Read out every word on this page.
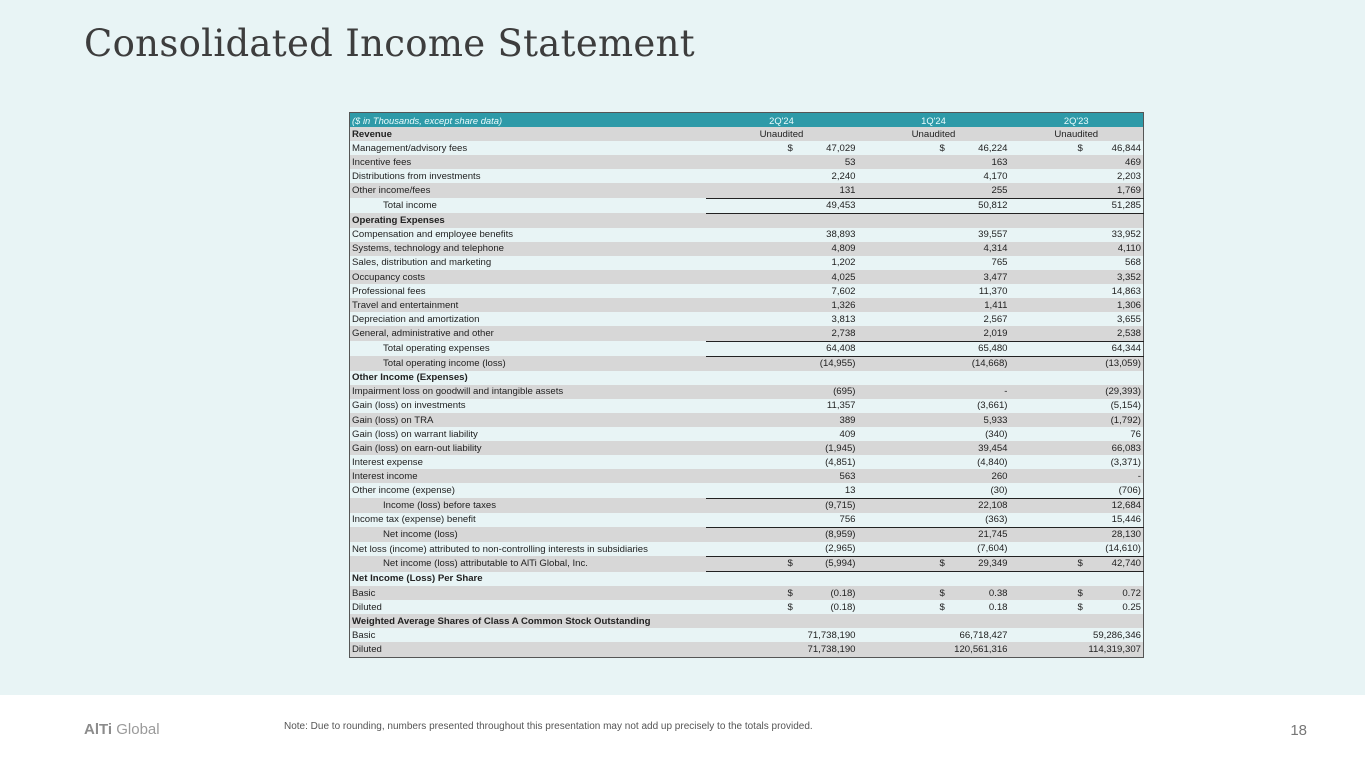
Consolidated Income Statement
($ in Thousands, except share data)	2Q'24	1Q'24	2Q'23
Revenue	Unaudited	Unaudited	Unaudited
Management/advisory fees	$ 47,029	$ 46,224	$ 46,844

Incentive fees	53	163	469
Distributions from investments	2,240	4,170	2,203
Other income/fees	131	255	1,769
Total income	49,453	50,812	51,285
Operating Expenses			
Compensation and employee benefits	38,893	39,557	33,952
Systems, technology and telephone	4,809	4,314	4,110
Sales, distribution and marketing	1,202	765	568
Occupancy costs	4,025	3,477	3,352
Professional fees	7,602	11,370	14,863
Travel and entertainment	1,326	1,411	1,306
Depreciation and amortization	3,813	2,567	3,655
General, administrative and other	2,738	2,019	2,538
Total operating expenses	64,408	65,480	64,344
Total operating income (loss)	(14,955)	(14,668)	(13,059)
Other Income (Expenses)			
Impairment loss on goodwill and intangible assets	(695)	-	(29,393)
Gain (loss) on investments	11,357	(3,661)	(5,154)
Gain (loss) on TRA	389	5,933	(1,792)
Gain (loss) on warrant liability	409	(340)	76
Gain (loss) on earn-out liability	(1,945)	39,454	66,083
Interest expense	(4,851)	(4,840)	(3,371)
Interest income	563	260	-
Other income (expense)	13	(30)	(706)
Income (loss) before taxes	(9,715)	22,108	12,684
Income tax (expense) benefit	756	(363)	15,446
Net income (loss)	(8,959)	21,745	28,130
Net loss (income) attributed to non-controlling interests in subsidiaries	(2,965)	(7,604)	(14,610)
Net income (loss) attributable to AlTi Global, Inc.	$ (5,994)	$ 29,349	$ 42,740

Net Income (Loss) Per Share			
Basic	$ (0.18)	$ 0.38	$ 0.72

Diluted	$ (0.18)	$ 0.18	$ 0.25

Weighted Average Shares of Class A Common Stock Outstanding			
Basic	71,738,190	66,718,427	59,286,346
Diluted	71,738,190	120,561,316	114,319,307
AlTi Global	Note: Due to rounding, numbers presented throughout this presentation may not add up precisely to the totals provided.	18
